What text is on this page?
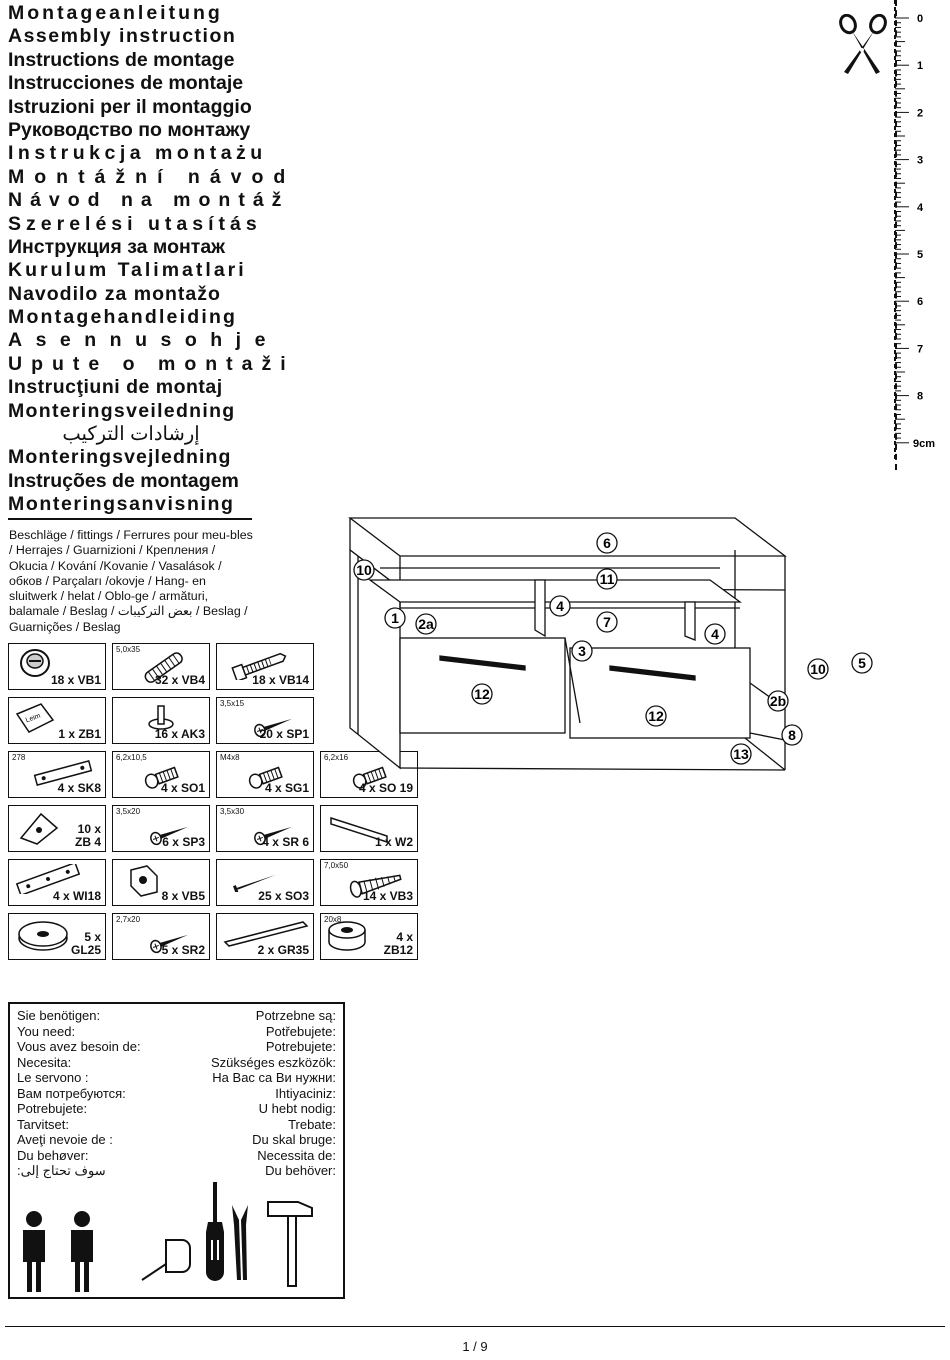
Montageanleitung
Assembly instruction
Instructions de montage
Instrucciones de montaje
Istruzioni per il montaggio
Руководство по монтажу
Instrukcja montażu
Montážní návod
Návod na montáž
Szerelési utasítás
Инструкция за монтаж
Kurulum Talimatlari
Navodilo za montažo
Montagehandleiding
Asennusohje
Upute o montaži
Instrucţiuni de montaj
Monteringsveiledning
إرشادات التركيب
Monteringsvejledning
Instruções de montagem
Monteringsanvisning
Beschläge / fittings / Ferrures pour meu-bles / Herrajes / Guarnizioni / Крепления / Okucia / Kování /Kovanie / Vasalások / обков / Parçaları /okovje / Hang- en sluitwerk / helat / Oblo-ge / armături, balamale / Beslag / بعض التركيبات / Beslag / Guarnições / Beslag
18 x VB1
5,0x35
32 x VB4	18 x VB14
Leim
1 x ZB1	16 x AK3
3,5x15
20 x SP1
278
4 x SK8
6,2x10,5
4 x SO1
M4x8
4 x SG1
6,2x16
4 x SO 19
10 x
ZB 4
3,5x20
6 x SP3
3,5x30
4 x SR 6	1 x W2
4 x WI18	8 x VB5	25 x SO3
7,0x50
14 x VB3
5 x
GL25
2,7x20
5 x SR2	2 x GR35
20x8
4 x
ZB12
0
1
2
3
4
5
6
7
8
9cm
10
1 2a
4
6
11
7
3
4
12
12
13
2b
8
10 5
Sie benötigen:
You need:
Vous avez besoin de:
Necesita:
Le servono :
Вам потребуются:
Potrebujete:
Tarvitset:
Aveţi nevoie de :
Du behøver:
سوف تحتاج إلى:
Potrzebne są:
Potřebujete:
Potrebujete:
Szükséges eszközök:
На Вас са Ви нужни:
Ihtiyaciniz:
U hebt nodig:
Trebate:
Du skal bruge:
Necessita de:
Du behöver:
1 / 9
